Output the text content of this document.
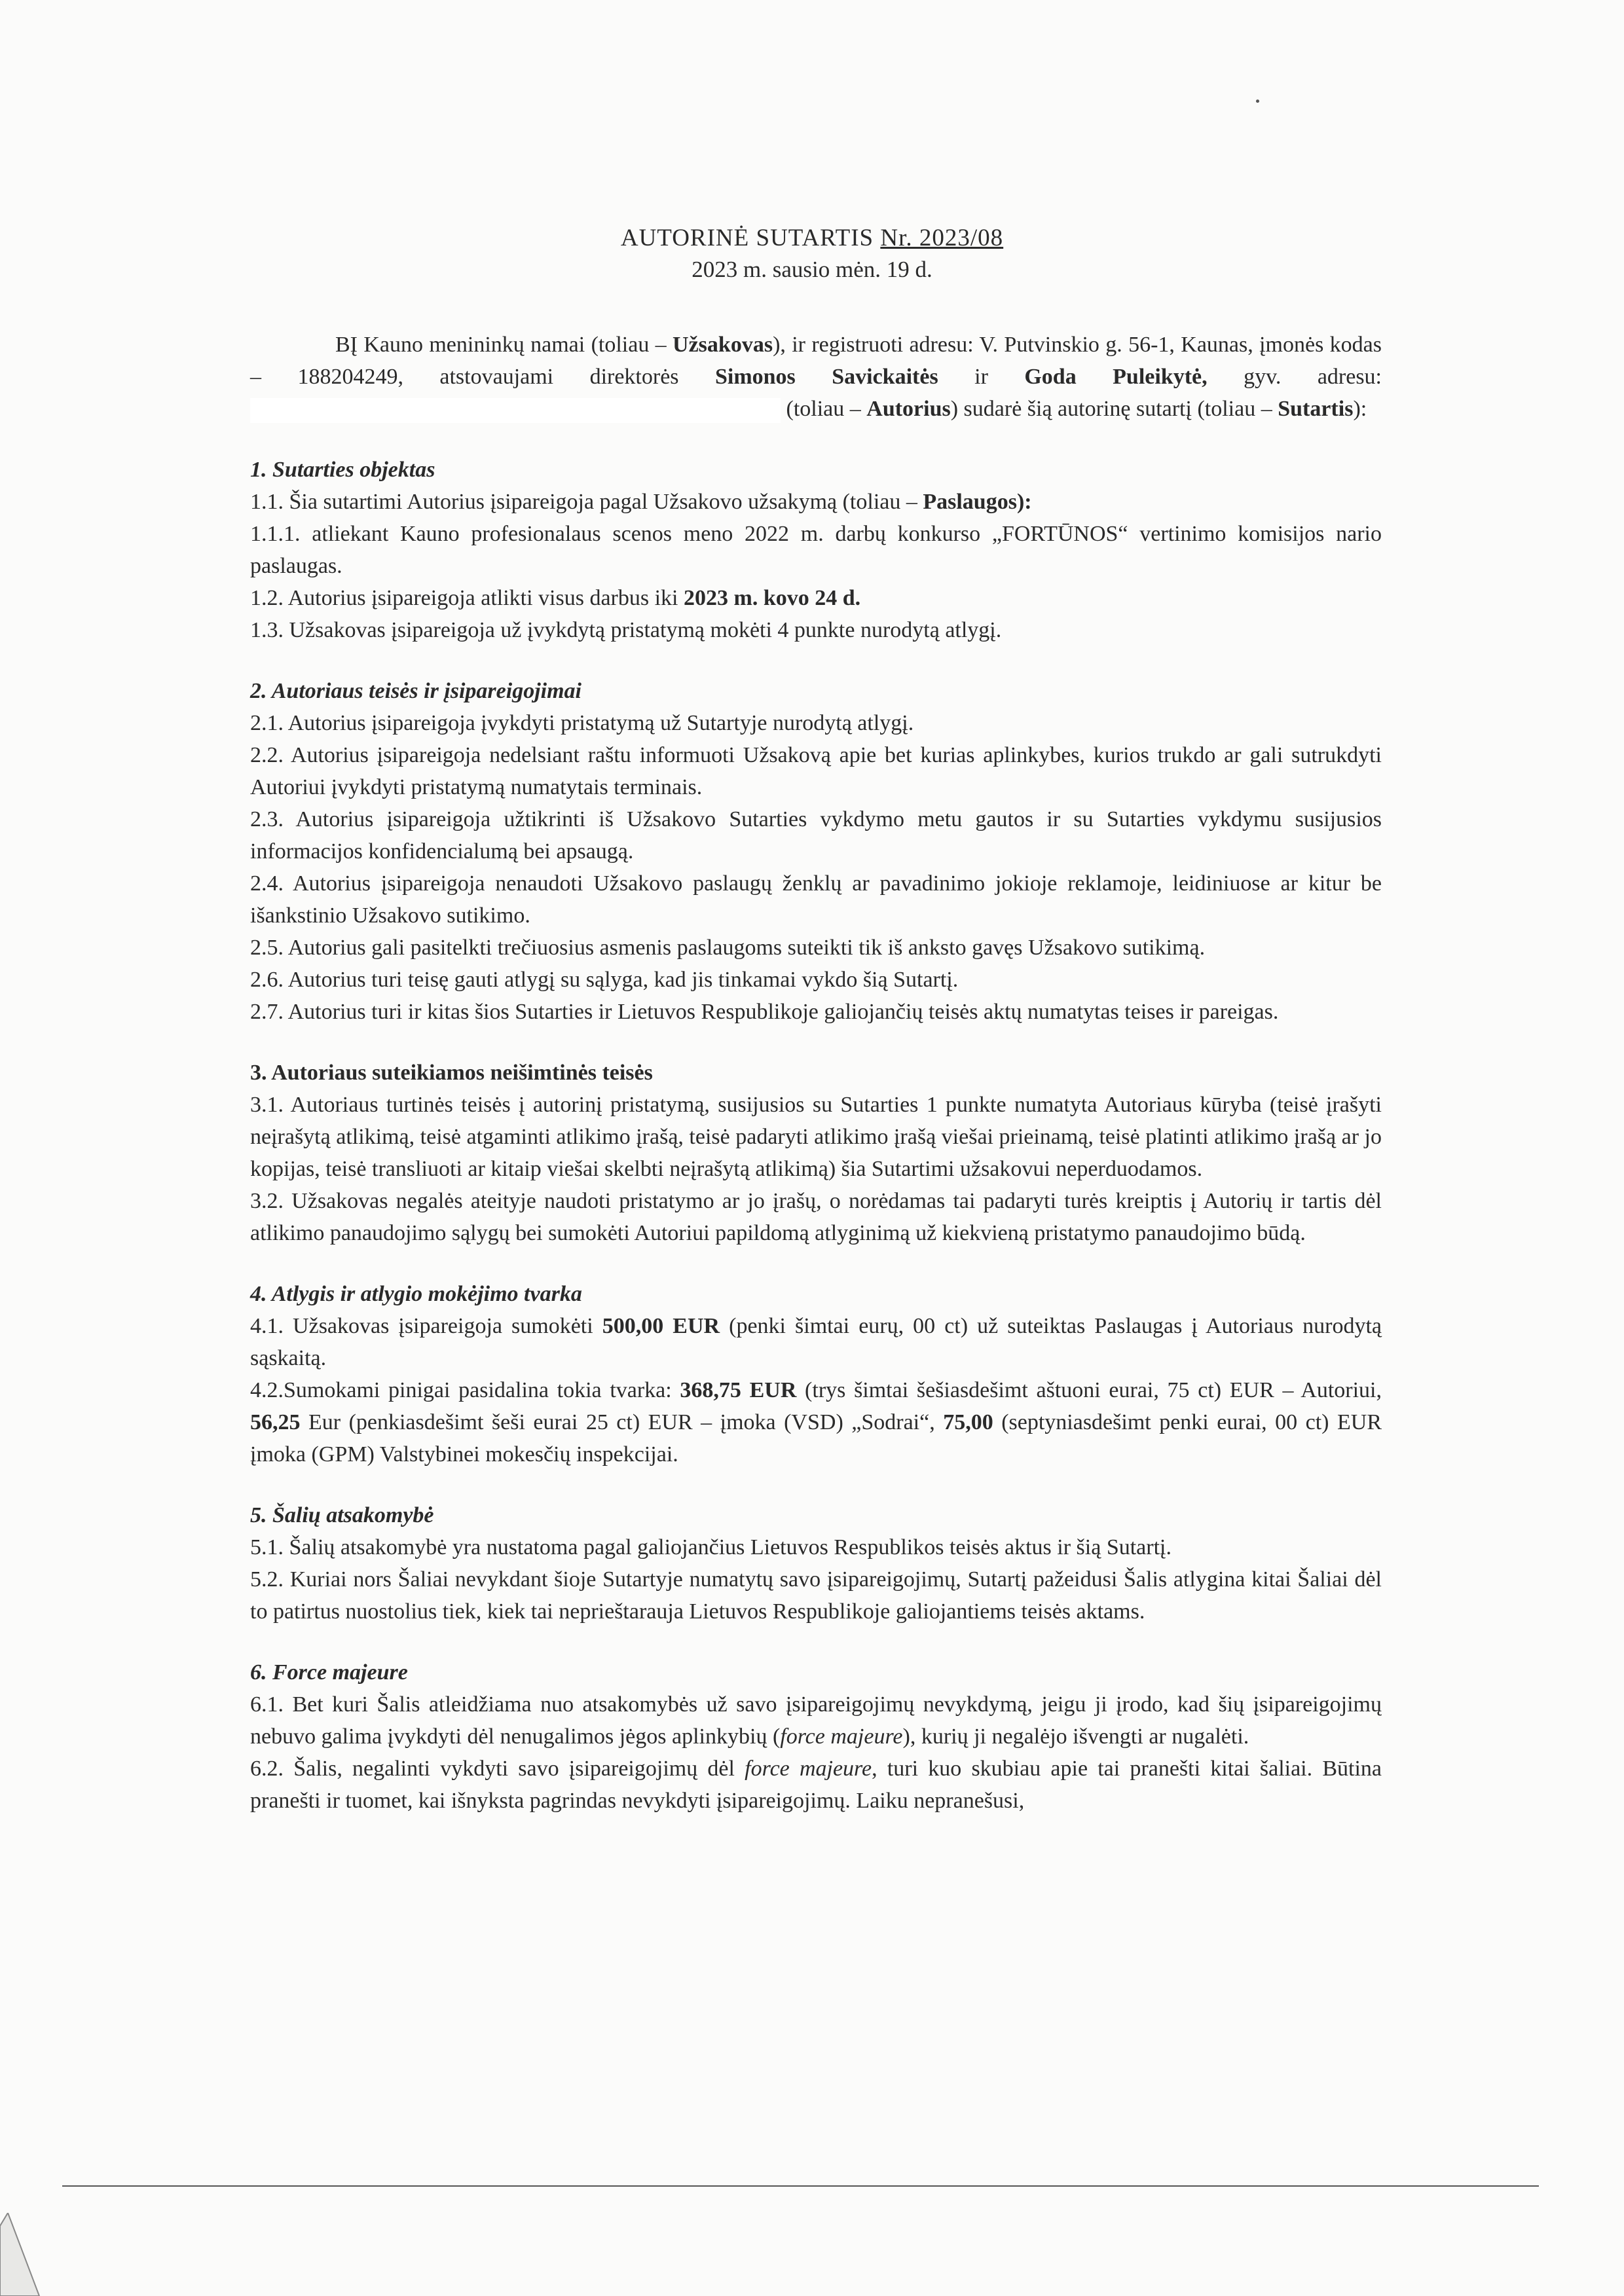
AUTORINĖ SUTARTIS Nr. 2023/08
2023 m. sausio mėn. 19 d.

BĮ Kauno menininkų namai (toliau – Užsakovas), ir registruoti adresu: V. Putvinskio g. 56-1, Kaunas, įmonės kodas – 188204249, atstovaujami direktorės Simonos Savickaitės ir Goda Puleikytė, gyv. adresu:  (toliau – Autorius) sudarė šią autorinę sutartį (toliau – Sutartis):

1. Sutarties objektas

1.1. Šia sutartimi Autorius įsipareigoja pagal Užsakovo užsakymą (toliau – Paslaugos):

1.1.1. atliekant Kauno profesionalaus scenos meno 2022 m. darbų konkurso „FORTŪNOS“ vertinimo komisijos nario paslaugas.

1.2. Autorius įsipareigoja atlikti visus darbus iki 2023 m. kovo 24 d.

1.3. Užsakovas įsipareigoja už įvykdytą pristatymą mokėti 4 punkte nurodytą atlygį.

2. Autoriaus teisės ir įsipareigojimai

2.1. Autorius įsipareigoja įvykdyti pristatymą už Sutartyje nurodytą atlygį.

2.2. Autorius įsipareigoja nedelsiant raštu informuoti Užsakovą apie bet kurias aplinkybes, kurios trukdo ar gali sutrukdyti Autoriui įvykdyti pristatymą numatytais terminais.

2.3. Autorius įsipareigoja užtikrinti iš Užsakovo Sutarties vykdymo metu gautos ir su Sutarties vykdymu susijusios informacijos konfidencialumą bei apsaugą.

2.4. Autorius įsipareigoja nenaudoti Užsakovo paslaugų ženklų ar pavadinimo jokioje reklamoje, leidiniuose ar kitur be išankstinio Užsakovo sutikimo.

2.5. Autorius gali pasitelkti trečiuosius asmenis paslaugoms suteikti tik iš anksto gavęs Užsakovo sutikimą.

2.6. Autorius turi teisę gauti atlygį su sąlyga, kad jis tinkamai vykdo šią Sutartį.

2.7. Autorius turi ir kitas šios Sutarties ir Lietuvos Respublikoje galiojančių teisės aktų numatytas teises ir pareigas.

3. Autoriaus suteikiamos neišimtinės teisės

3.1. Autoriaus turtinės teisės į autorinį pristatymą, susijusios su Sutarties 1 punkte numatyta Autoriaus kūryba (teisė įrašyti neįrašytą atlikimą, teisė atgaminti atlikimo įrašą, teisė padaryti atlikimo įrašą viešai prieinamą, teisė platinti atlikimo įrašą ar jo kopijas, teisė transliuoti ar kitaip viešai skelbti neįrašytą atlikimą) šia Sutartimi užsakovui neperduodamos.

3.2. Užsakovas negalės ateityje naudoti pristatymo ar jo įrašų, o norėdamas tai padaryti turės kreiptis į Autorių ir tartis dėl atlikimo panaudojimo sąlygų bei sumokėti Autoriui papildomą atlyginimą už kiekvieną pristatymo panaudojimo būdą.

4. Atlygis ir atlygio mokėjimo tvarka

4.1. Užsakovas įsipareigoja sumokėti 500,00 EUR (penki šimtai eurų, 00 ct) už suteiktas Paslaugas į Autoriaus nurodytą sąskaitą.

4.2.Sumokami pinigai pasidalina tokia tvarka: 368,75 EUR (trys šimtai šešiasdešimt aštuoni eurai, 75 ct) EUR – Autoriui, 56,25 Eur (penkiasdešimt šeši eurai 25 ct) EUR – įmoka (VSD) „Sodrai“, 75,00 (septyniasdešimt penki eurai, 00 ct) EUR įmoka (GPM) Valstybinei mokesčių inspekcijai.

5. Šalių atsakomybė

5.1. Šalių atsakomybė yra nustatoma pagal galiojančius Lietuvos Respublikos teisės aktus ir šią Sutartį.

5.2. Kuriai nors Šaliai nevykdant šioje Sutartyje numatytų savo įsipareigojimų, Sutartį pažeidusi Šalis atlygina kitai Šaliai dėl to patirtus nuostolius tiek, kiek tai neprieštarauja Lietuvos Respublikoje galiojantiems teisės aktams.

6. Force majeure

6.1. Bet kuri Šalis atleidžiama nuo atsakomybės už savo įsipareigojimų nevykdymą, jeigu ji įrodo, kad šių įsipareigojimų nebuvo galima įvykdyti dėl nenugalimos jėgos aplinkybių (force majeure), kurių ji negalėjo išvengti ar nugalėti.

6.2. Šalis, negalinti vykdyti savo įsipareigojimų dėl force majeure, turi kuo skubiau apie tai pranešti kitai šaliai. Būtina pranešti ir tuomet, kai išnyksta pagrindas nevykdyti įsipareigojimų. Laiku nepranešusi,
